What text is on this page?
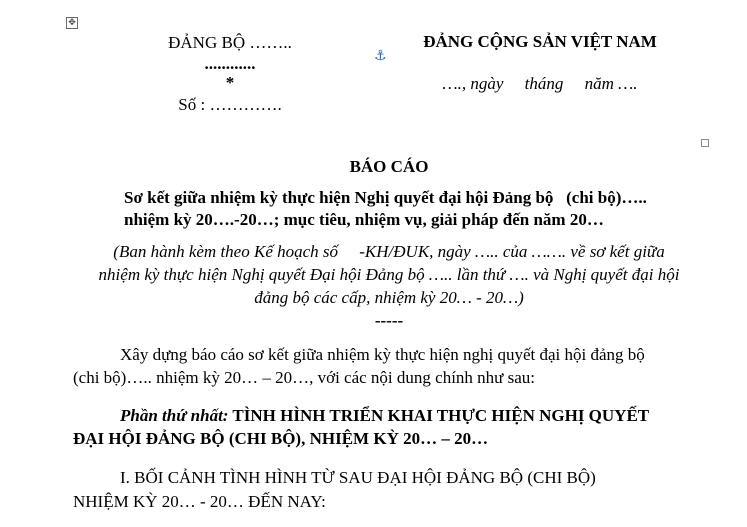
✥
⚓
ĐẢNG BỘ ……..
............
*
Số : ………….
ĐẢNG CỘNG SẢN VIỆT NAM
…., ngày     tháng     năm ….
BÁO CÁO
Sơ kết giữa nhiệm kỳ thực hiện Nghị quyết đại hội Đảng bộ   (chi bộ)…..
nhiệm kỳ 20….-20…; mục tiêu, nhiệm vụ, giải pháp đến năm 20…
(Ban hành kèm theo Kế hoạch số     -KH/ĐUK, ngày ….. của ……. về sơ kết giữa
nhiệm kỳ thực hiện Nghị quyết Đại hội Đảng bộ ….. lần thứ …. và Nghị quyết đại hội
đảng bộ các cấp, nhiệm kỳ 20… - 20…)
-----
Xây dựng báo cáo sơ kết giữa nhiệm kỳ thực hiện nghị quyết đại hội đảng bộ
(chi bộ)….. nhiệm kỳ 20… – 20…, với các nội dung chính như sau:
Phần thứ nhất: TÌNH HÌNH TRIỂN KHAI THỰC HIỆN NGHỊ QUYẾT
ĐẠI HỘI ĐẢNG BỘ (CHI BỘ), NHIỆM KỲ 20… – 20…
I. BỐI CẢNH TÌNH HÌNH TỪ SAU ĐẠI HỘI ĐẢNG BỘ (CHI BỘ)
NHIỆM KỲ 20… - 20… ĐẾN NAY:
